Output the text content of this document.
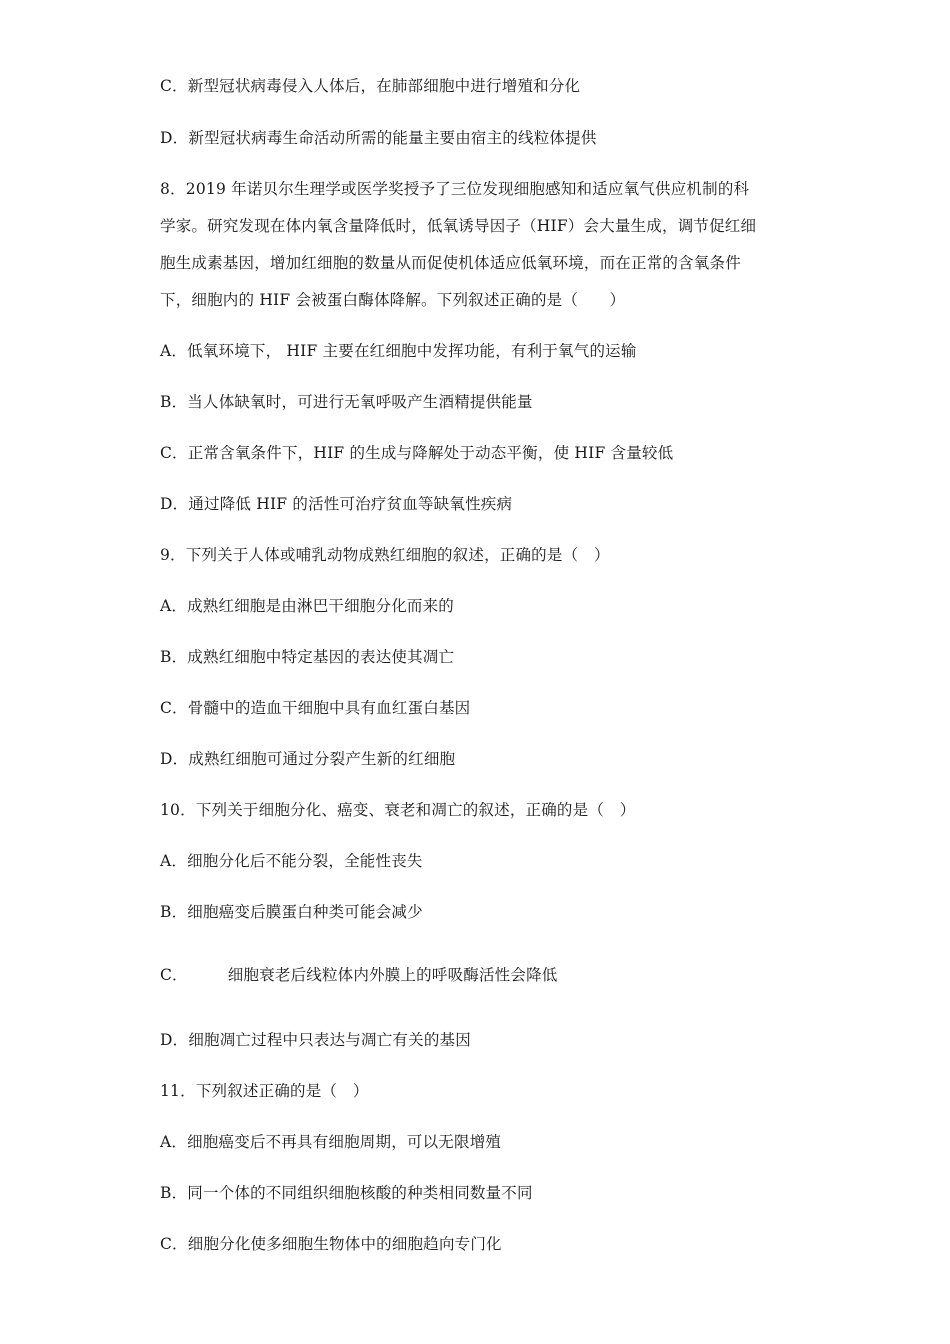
C．新型冠状病毒侵入人体后，在肺部细胞中进行增殖和分化
D．新型冠状病毒生命活动所需的能量主要由宿主的线粒体提供
8．2019 年诺贝尔生理学或医学奖授予了三位发现细胞感知和适应氧气供应机制的科
学家。研究发现在体内氧含量降低时，低氧诱导因子（HIF）会大量生成，调节促红细
胞生成素基因，增加红细胞的数量从而促使机体适应低氧环境，而在正常的含氧条件
下，细胞内的 HIF 会被蛋白酶体降解。下列叙述正确的是（　　）
A．低氧环境下， HIF 主要在红细胞中发挥功能，有利于氧气的运输
B．当人体缺氧时，可进行无氧呼吸产生酒精提供能量
C．正常含氧条件下，HIF 的生成与降解处于动态平衡，使 HIF 含量较低
D．通过降低 HIF 的活性可治疗贫血等缺氧性疾病
9．下列关于人体或哺乳动物成熟红细胞的叙述，正确的是（　）
A．成熟红细胞是由淋巴干细胞分化而来的
B．成熟红细胞中特定基因的表达使其凋亡
C．骨髓中的造血干细胞中具有血红蛋白基因
D．成熟红细胞可通过分裂产生新的红细胞
10．下列关于细胞分化、癌变、衰老和凋亡的叙述，正确的是（　）
A．细胞分化后不能分裂，全能性丧失
B．细胞癌变后膜蛋白种类可能会减少
C．	细胞衰老后线粒体内外膜上的呼吸酶活性会降低
D．细胞凋亡过程中只表达与凋亡有关的基因
11．下列叙述正确的是（　）
A．细胞癌变后不再具有细胞周期，可以无限增殖
B．同一个体的不同组织细胞核酸的种类相同数量不同
C．细胞分化使多细胞生物体中的细胞趋向专门化
